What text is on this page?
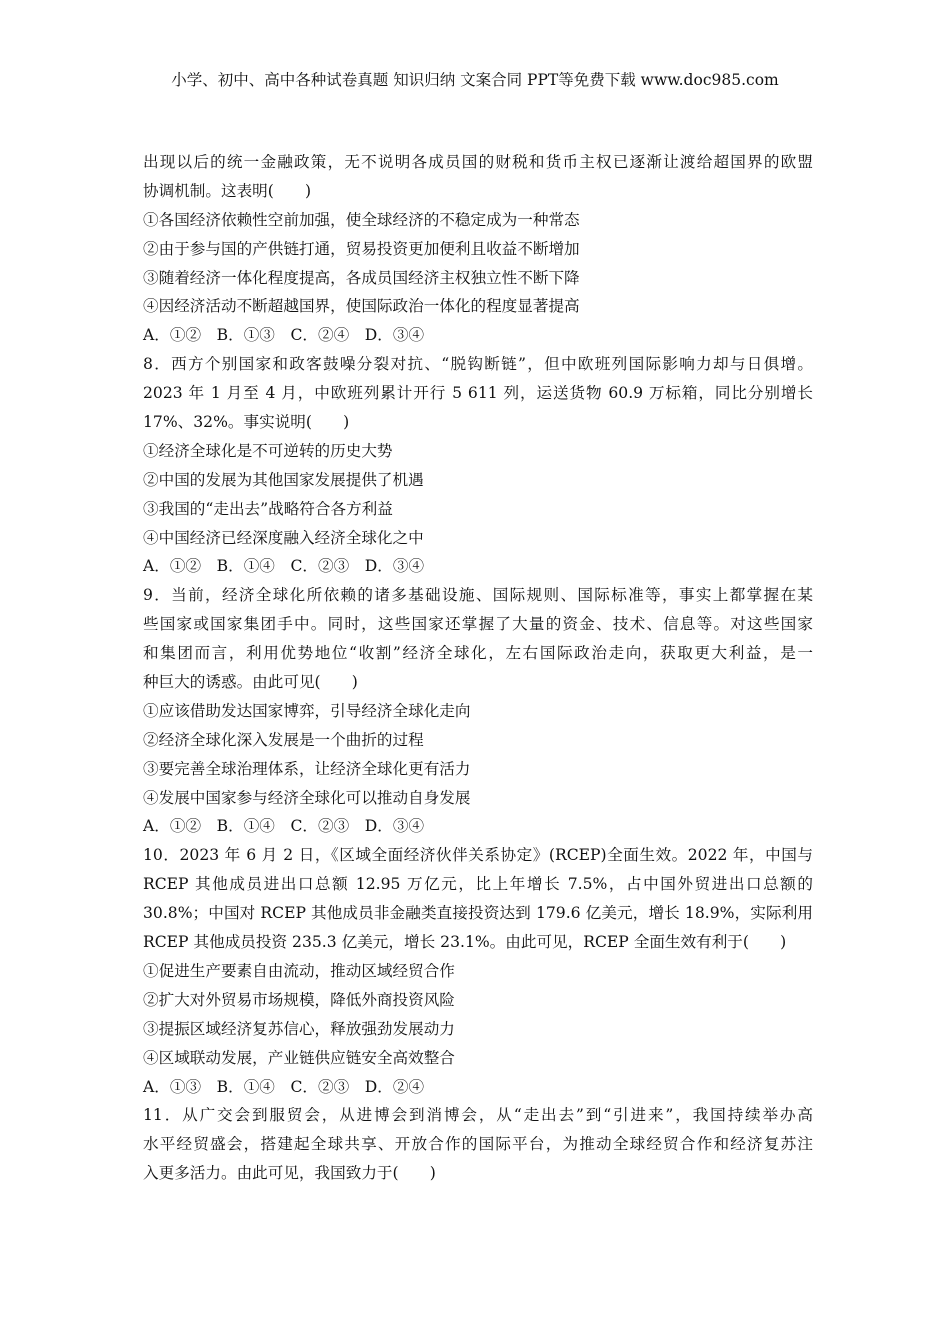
小学、初中、高中各种试卷真题 知识归纳 文案合同 PPT等免费下载 www.doc985.com
出现以后的统一金融政策，无不说明各成员国的财税和货币主权已逐渐让渡给超国界的欧盟
协调机制。这表明(　　)
①各国经济依赖性空前加强，使全球经济的不稳定成为一种常态
②由于参与国的产供链打通，贸易投资更加便利且收益不断增加
③随着经济一体化程度提高，各成员国经济主权独立性不断下降
④因经济活动不断超越国界，使国际政治一体化的程度显著提高
A．①②　B．①③　C．②④　D．③④
8．西方个别国家和政客鼓噪分裂对抗、“脱钩断链”，但中欧班列国际影响力却与日俱增。
2023 年 1 月至 4 月，中欧班列累计开行 5 611 列，运送货物 60.9 万标箱，同比分别增长
17%、32%。事实说明(　　)
①经济全球化是不可逆转的历史大势
②中国的发展为其他国家发展提供了机遇
③我国的“走出去”战略符合各方利益
④中国经济已经深度融入经济全球化之中
A．①②　B．①④　C．②③　D．③④
9．当前，经济全球化所依赖的诸多基础设施、国际规则、国际标准等，事实上都掌握在某
些国家或国家集团手中。同时，这些国家还掌握了大量的资金、技术、信息等。对这些国家
和集团而言，利用优势地位“收割”经济全球化，左右国际政治走向，获取更大利益，是一
种巨大的诱惑。由此可见(　　)
①应该借助发达国家博弈，引导经济全球化走向
②经济全球化深入发展是一个曲折的过程
③要完善全球治理体系，让经济全球化更有活力
④发展中国家参与经济全球化可以推动自身发展
A．①②　B．①④　C．②③　D．③④
10．2023 年 6 月 2 日，《区域全面经济伙伴关系协定》(RCEP)全面生效。2022 年，中国与
RCEP 其他成员进出口总额 12.95 万亿元，比上年增长 7.5%，占中国外贸进出口总额的
30.8%；中国对 RCEP 其他成员非金融类直接投资达到 179.6 亿美元，增长 18.9%，实际利用
RCEP 其他成员投资 235.3 亿美元，增长 23.1%。由此可见，RCEP 全面生效有利于(　　)
①促进生产要素自由流动，推动区域经贸合作
②扩大对外贸易市场规模，降低外商投资风险
③提振区域经济复苏信心，释放强劲发展动力
④区域联动发展，产业链供应链安全高效整合
A．①③　B．①④　C．②③　D．②④
11．从广交会到服贸会，从进博会到消博会，从“走出去”到“引进来”，我国持续举办高
水平经贸盛会，搭建起全球共享、开放合作的国际平台，为推动全球经贸合作和经济复苏注
入更多活力。由此可见，我国致力于(　　)
